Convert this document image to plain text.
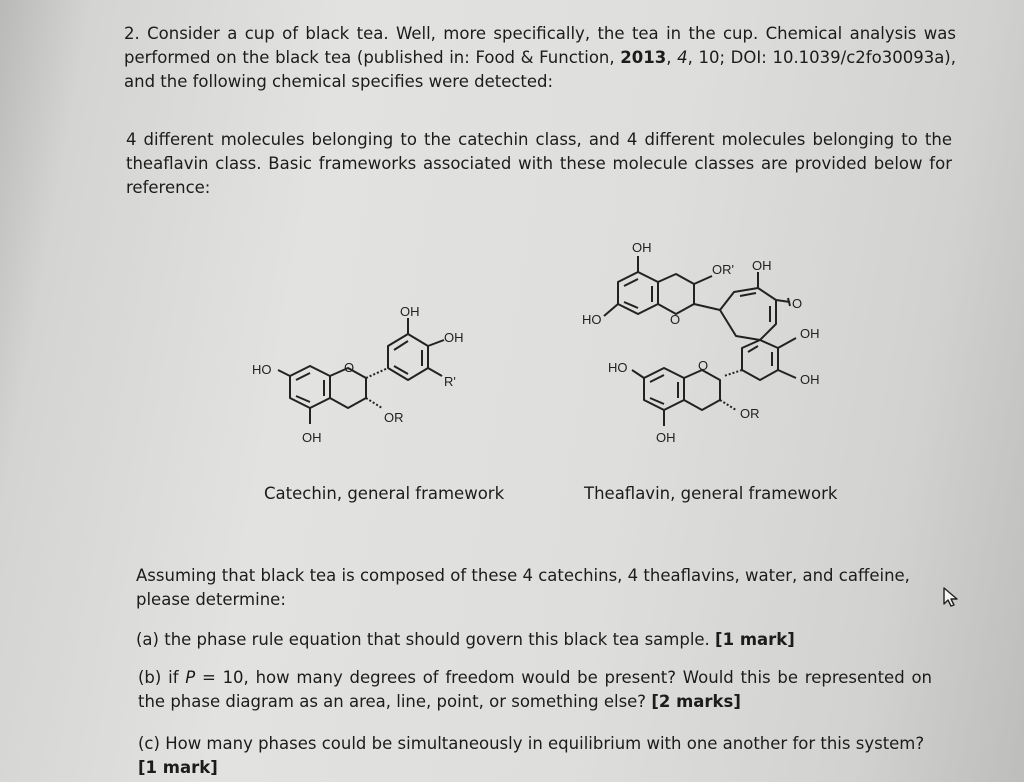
2. Consider a cup of black tea. Well, more specifically, the tea in the cup. Chemical analysis was performed on the black tea (published in: Food & Function, 2013, 4, 10; DOI: 10.1039/c2fo30093a), and the following chemical specifies were detected:

4 different molecules belonging to the catechin class, and 4 different molecules belonging to the theaflavin class. Basic frameworks associated with these molecule classes are provided below for reference:

HO	O
OH
OH
R'
OR
OH
OH
OR' OH
HO	O
O
OH
OH
HO	O
OR
OH
Catechin, general framework	Theaflavin, general framework

Assuming that black tea is composed of these 4 catechins, 4 theaflavins, water, and caffeine, please determine:

(a) the phase rule equation that should govern this black tea sample. [1 mark]

(b) if P = 10, how many degrees of freedom would be present? Would this be represented on the phase diagram as an area, line, point, or something else? [2 marks]

(c) How many phases could be simultaneously in equilibrium with one another for this system? [1 mark]
